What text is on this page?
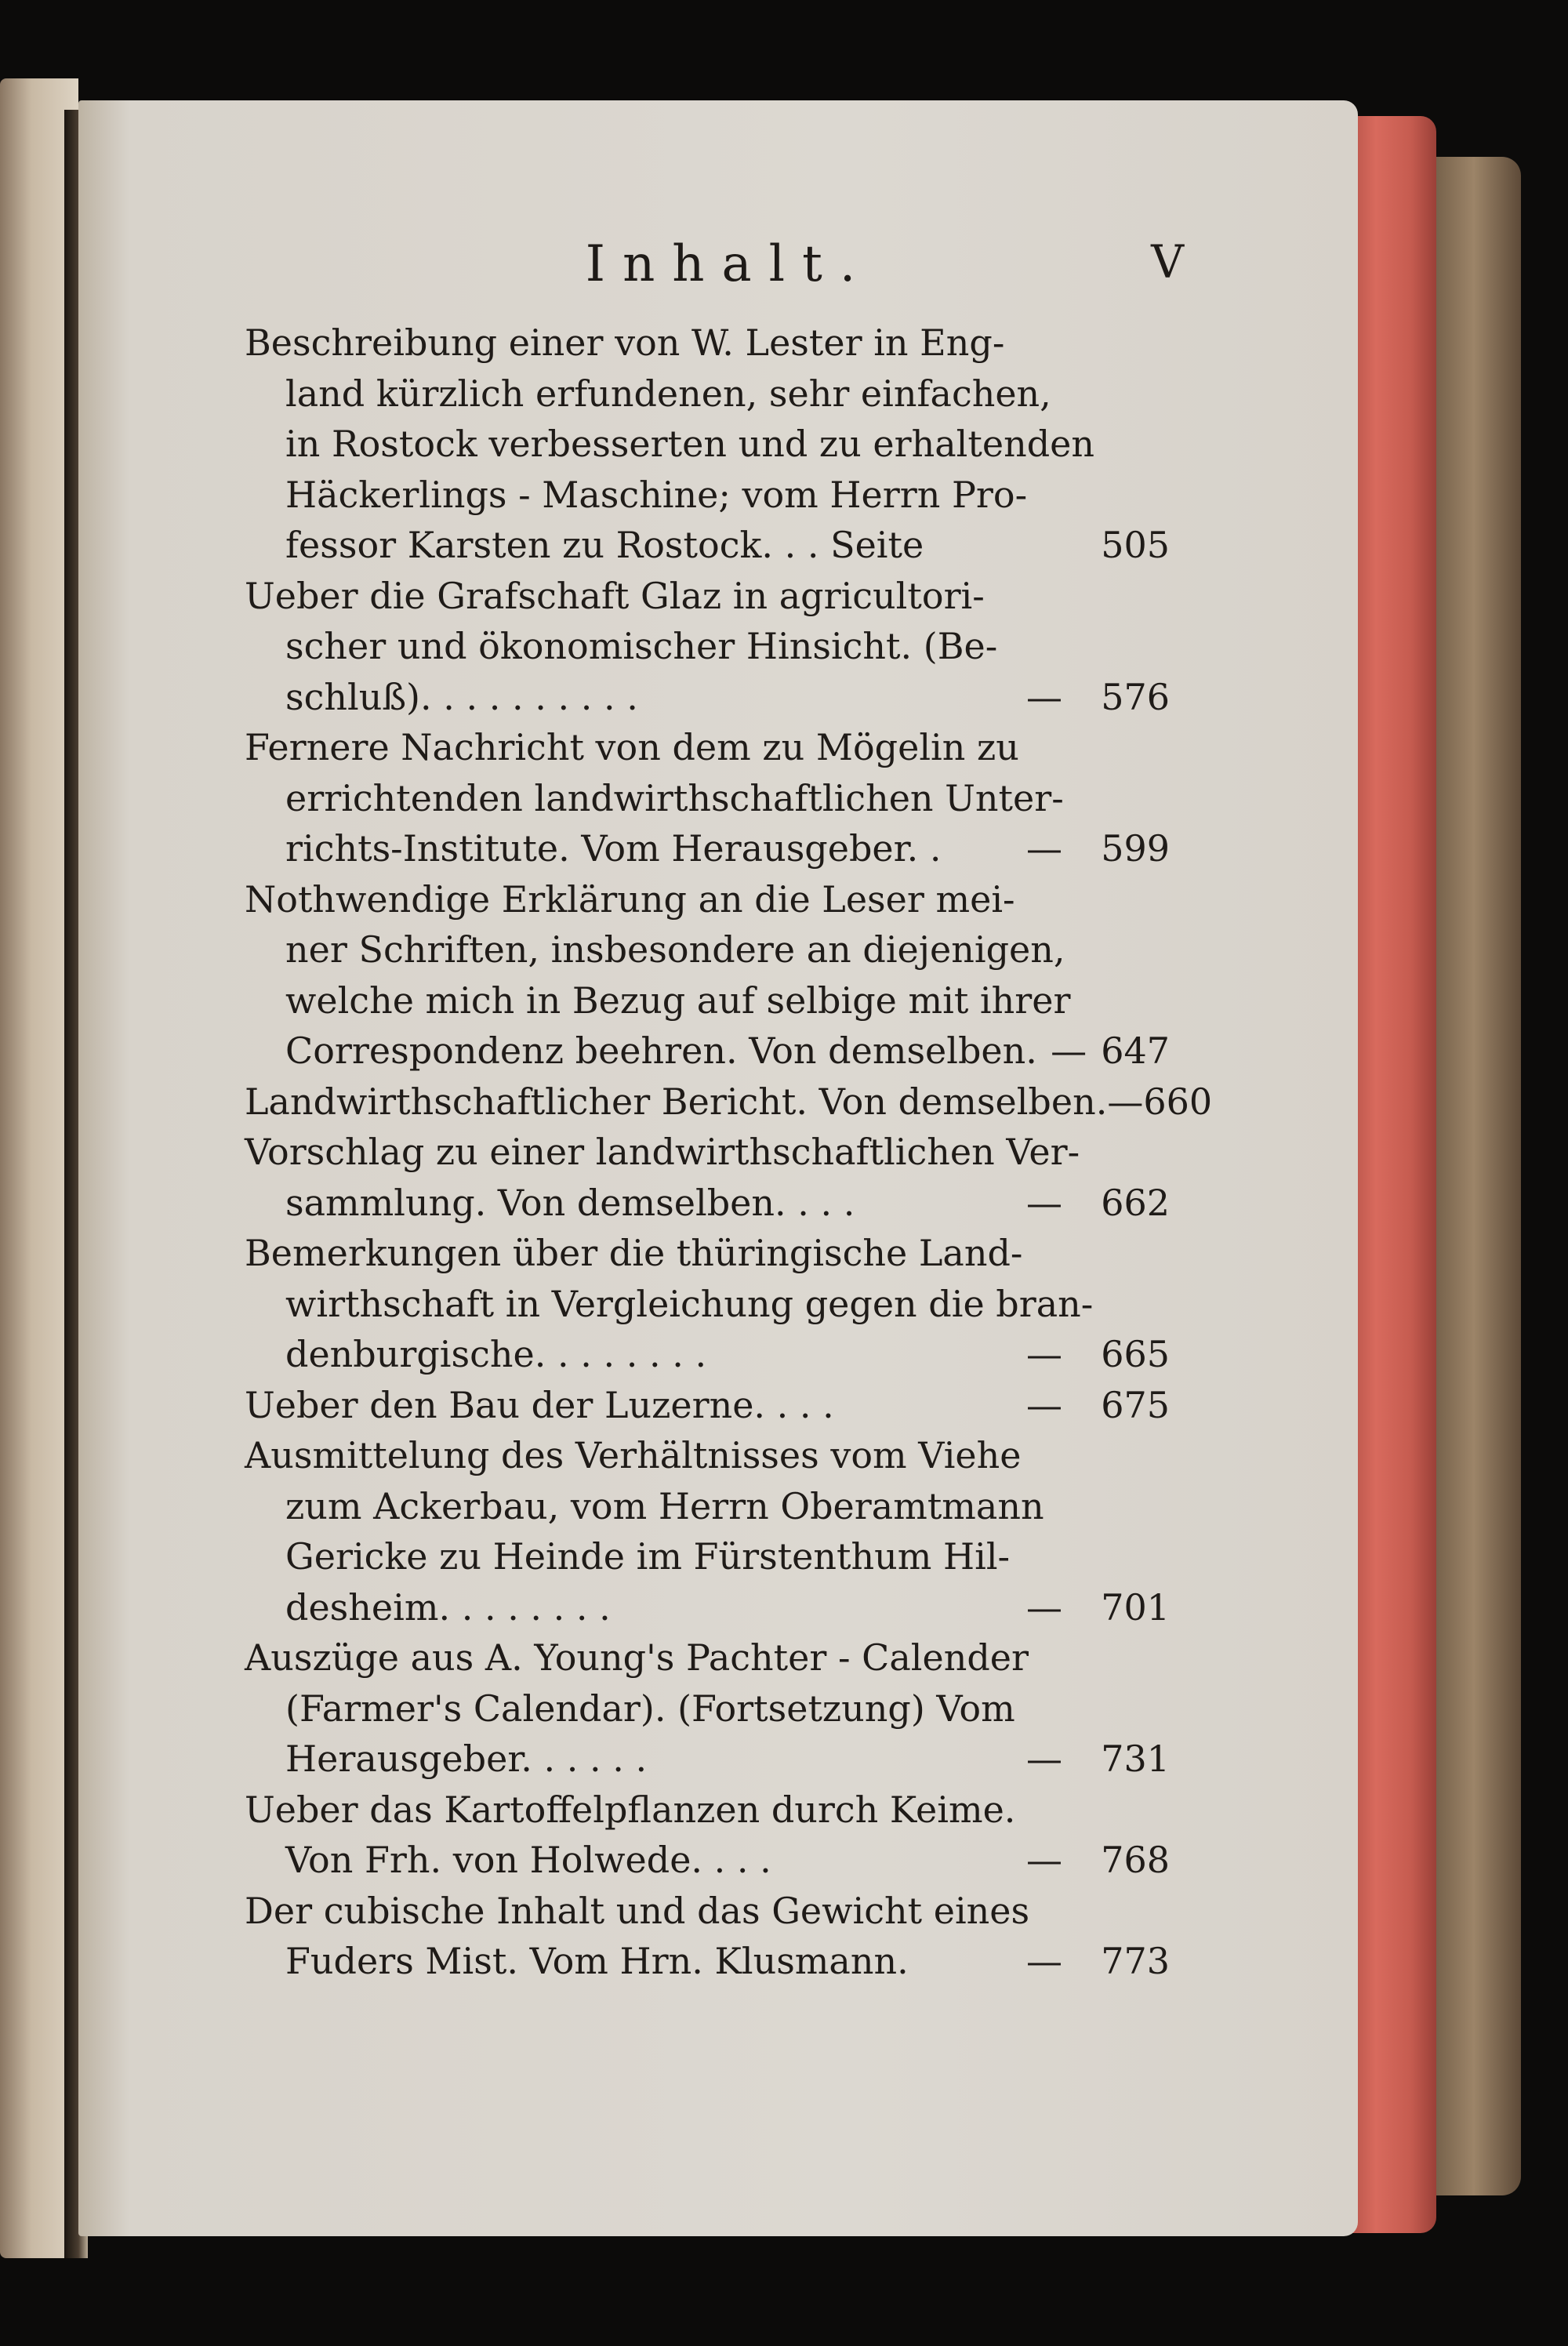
Inhalt.	V
Beschreibung einer von W. Lester in Eng-
land kürzlich erfundenen, sehr einfachen,
in Rostock verbesserten und zu erhaltenden
Häckerlings - Maschine; vom Herrn Pro-
fessor Karsten zu Rostock. . . Seite	505
Ueber die Grafschaft Glaz in agricultori-
scher und ökonomischer Hinsicht. (Be-
schluß). . . . . . . . . .	—	576
Fernere Nachricht von dem zu Mögelin zu
errichtenden landwirthschaftlichen Unter-
richts-Institute. Vom Herausgeber. .	—	599
Nothwendige Erklärung an die Leser mei-
ner Schriften, insbesondere an diejenigen,
welche mich in Bezug auf selbige mit ihrer
Correspondenz beehren. Von demselben. — 647
Landwirthschaftlicher Bericht. Von demselben. — 660
Vorschlag zu einer landwirthschaftlichen Ver-
sammlung. Von demselben. . . .	—	662
Bemerkungen über die thüringische Land-
wirthschaft in Vergleichung gegen die bran-
denburgische. . . . . . . .	—	665
Ueber den Bau der Luzerne. . . .	—	675
Ausmittelung des Verhältnisses vom Viehe
zum Ackerbau, vom Herrn Oberamtmann
Gericke zu Heinde im Fürstenthum Hil-
desheim. . . . . . . .	—	701
Auszüge aus A. Young's Pachter - Calender
(Farmer's Calendar). (Fortsetzung) Vom
Herausgeber. . . . . .	—	731
Ueber das Kartoffelpflanzen durch Keime.
Von Frh. von Holwede. . . .	—	768
Der cubische Inhalt und das Gewicht eines
Fuders Mist. Vom Hrn. Klusmann.	—	773
